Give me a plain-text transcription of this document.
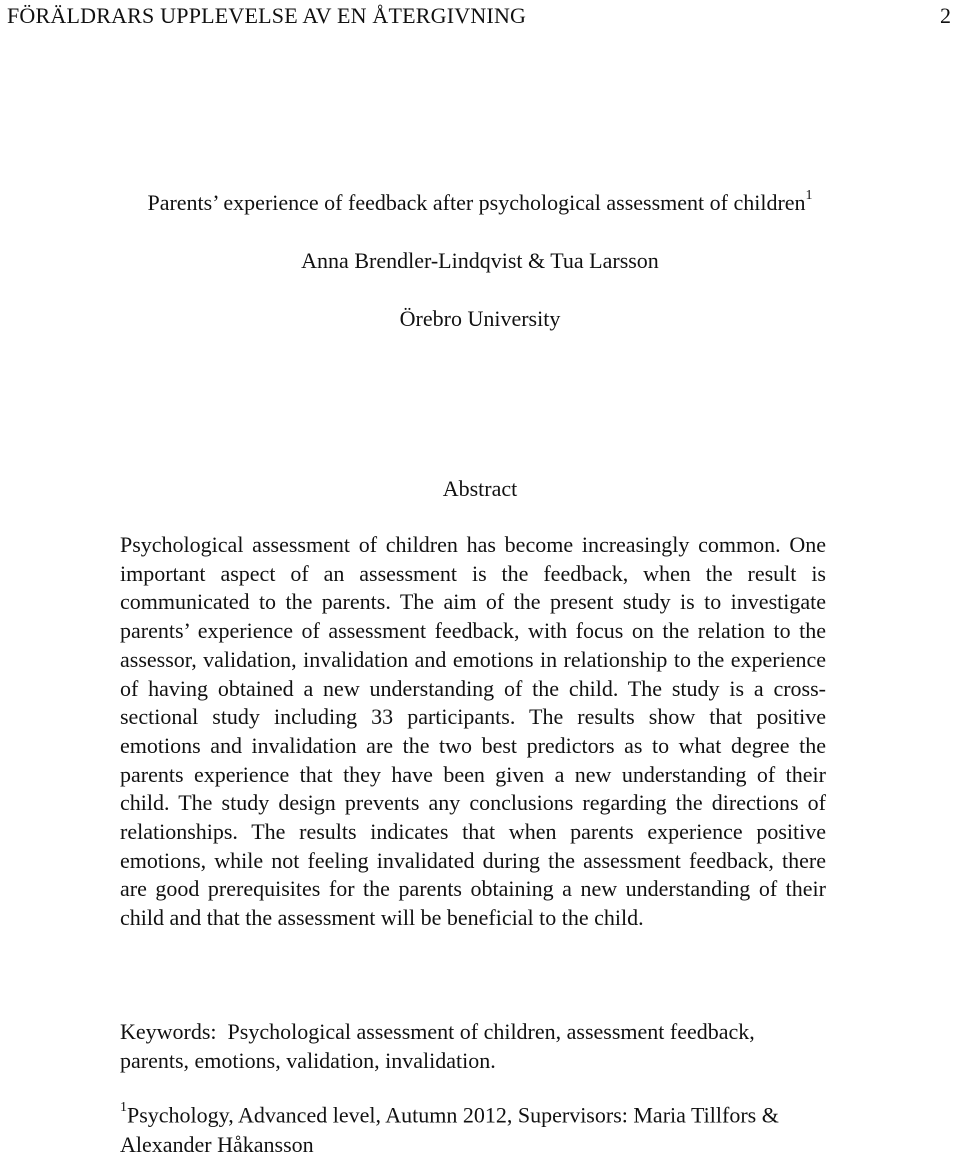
FÖRÄLDRARS UPPLEVELSE AV EN ÅTERGIVNING	2
Parents’ experience of feedback after psychological assessment of children$^1$
Anna Brendler-Lindqvist & Tua Larsson
Örebro University
Abstract

Psychological assessment of children has become increasingly common. One important aspect of an assessment is the feedback, when the result is communicated to the parents. The aim of the present study is to investigate parents’ experience of assessment feedback, with focus on the relation to the assessor, validation, invalidation and emotions in relationship to the experience of having obtained a new understanding of the child. The study is a cross-sectional study including 33 participants. The results show that positive emotions and invalidation are the two best predictors as to what degree the parents experience that they have been given a new understanding of their child. The study design prevents any conclusions regarding the directions of relationships. The results indicates that when parents experience positive emotions, while not feeling invalidated during the assessment feedback, there are good prerequisites for the parents obtaining a new understanding of their child and that the assessment will be beneficial to the child.

Keywords: Psychological assessment of children, assessment feedback, parents, emotions, validation, invalidation.

$^1$Psychology, Advanced level, Autumn 2012, Supervisors: Maria Tillfors & Alexander Håkansson
